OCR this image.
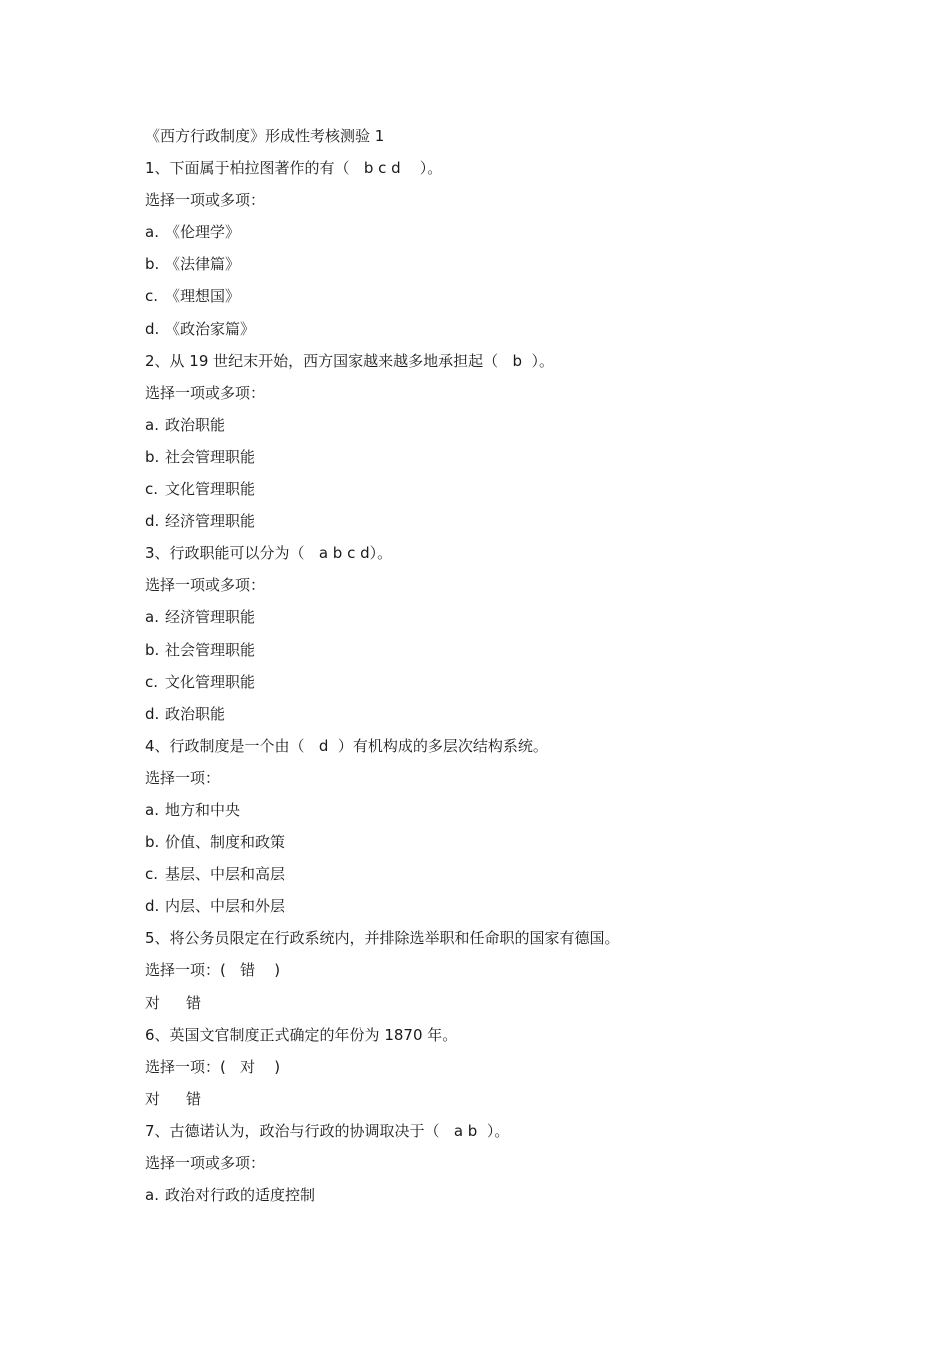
《西方行政制度》形成性考核测验 1
1、下面属于柏拉图著作的有（   b c d    ）。
选择一项或多项：
a. 《伦理学》
b. 《法律篇》
c. 《理想国》
d. 《政治家篇》
2、从 19 世纪末开始，西方国家越来越多地承担起（   b  ）。
选择一项或多项：
a. 政治职能
b. 社会管理职能
c. 文化管理职能
d. 经济管理职能
3、行政职能可以分为（   a b c d）。
选择一项或多项：
a. 经济管理职能
b. 社会管理职能
c. 文化管理职能
d. 政治职能
4、行政制度是一个由（   d  ）有机构成的多层次结构系统。
选择一项：
a. 地方和中央
b. 价值、制度和政策
c. 基层、中层和高层
d. 内层、中层和外层
5、将公务员限定在行政系统内，并排除选举职和任命职的国家有德国。
选择一项：(   错    )
对 错
6、英国文官制度正式确定的年份为 1870 年。
选择一项：(   对    )
对 错
7、古德诺认为，政治与行政的协调取决于（   a b  ）。
选择一项或多项：
a. 政治对行政的适度控制
